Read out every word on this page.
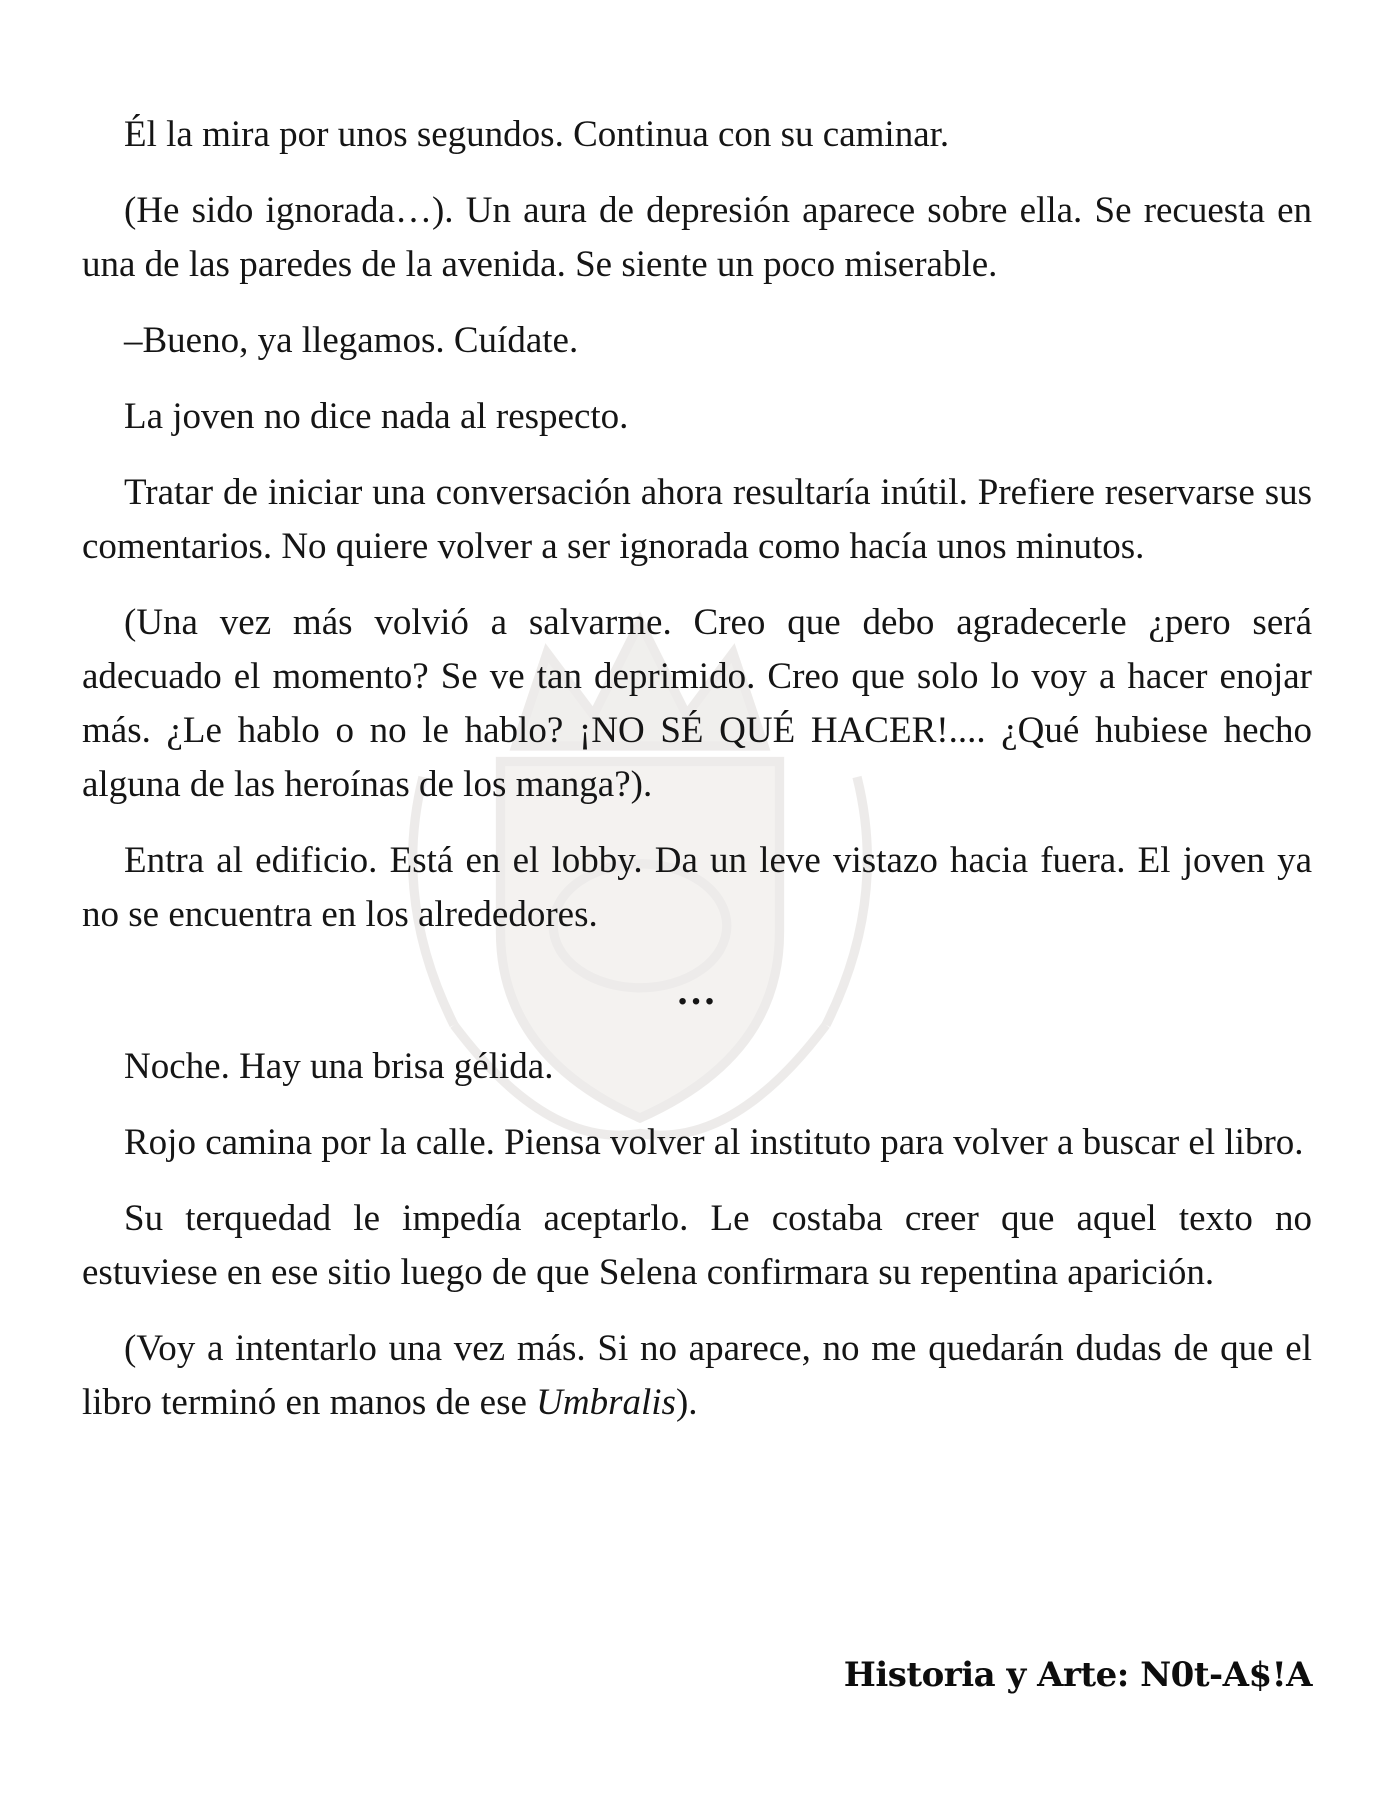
Él la mira por unos segundos. Continua con su caminar.

(He sido ignorada…). Un aura de depresión aparece sobre ella. Se recuesta en una de las paredes de la avenida. Se siente un poco miserable.

–Bueno, ya llegamos. Cuídate.

La joven no dice nada al respecto.

Tratar de iniciar una conversación ahora resultaría inútil. Prefiere reservarse sus comentarios. No quiere volver a ser ignorada como hacía unos minutos.

(Una vez más volvió a salvarme. Creo que debo agradecerle ¿pero será adecuado el momento? Se ve tan deprimido. Creo que solo lo voy a hacer enojar más. ¿Le hablo o no le hablo? ¡NO SÉ QUÉ HACER!.... ¿Qué hubiese hecho alguna de las heroínas de los manga?).

Entra al edificio. Está en el lobby. Da un leve vistazo hacia fuera. El joven ya no se encuentra en los alrededores.

…

Noche. Hay una brisa gélida.

Rojo camina por la calle. Piensa volver al instituto para volver a buscar el libro.

Su terquedad le impedía aceptarlo. Le costaba creer que aquel texto no estuviese en ese sitio luego de que Selena confirmara su repentina aparición.

(Voy a intentarlo una vez más. Si no aparece, no me quedarán dudas de que el libro terminó en manos de ese Umbralis).

Historia y Arte: N0t-A$!A
